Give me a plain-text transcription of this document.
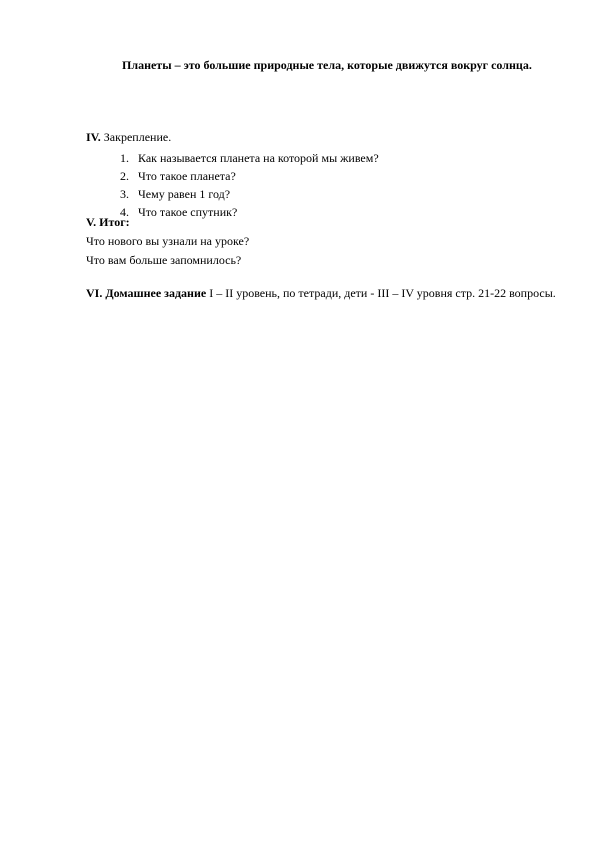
Планеты – это большие природные тела, которые движутся вокруг солнца.
IV. Закрепление.
1. Как называется планета на которой мы живем?
2. Что такое планета?
3. Чему равен 1 год?
4. Что такое спутник?
V. Итог:
Что нового вы узнали на уроке?
Что вам больше запомнилось?
VI. Домашнее задание I – II уровень, по тетради, дети - III – IV уровня стр. 21-22 вопросы.
